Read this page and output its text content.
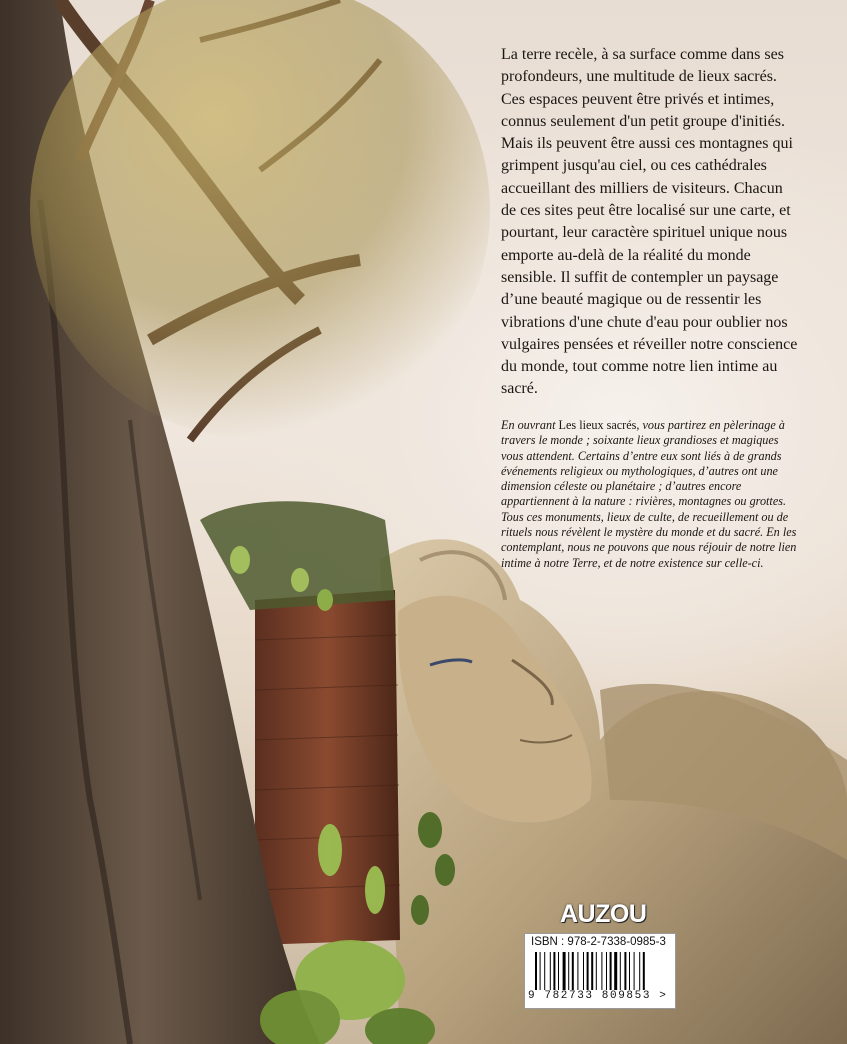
La terre recèle, à sa surface comme dans ses profondeurs, une multitude de lieux sacrés. Ces espaces peuvent être privés et intimes, connus seulement d'un petit groupe d'initiés. Mais ils peuvent être aussi ces montagnes qui grimpent jusqu'au ciel, ou ces cathédrales accueillant des milliers de visiteurs. Chacun de ces sites peut être localisé sur une carte, et pourtant, leur caractère spirituel unique nous emporte au-delà de la réalité du monde sensible. Il suffit de contempler un paysage d’une beauté magique ou de ressentir les vibrations d'une chute d'eau pour oublier nos vulgaires pensées et réveiller notre conscience du monde, tout comme notre lien intime au sacré.

En ouvrant Les lieux sacrés, vous partirez en pèlerinage à travers le monde ; soixante lieux grandioses et magiques vous attendent. Certains d’entre eux sont liés à de grands événements religieux ou mythologiques, d’autres ont une dimension céleste ou planétaire ; d’autres encore appartiennent à la nature : rivières, montagnes ou grottes. Tous ces monuments, lieux de culte, de recueillement ou de rituels nous révèlent le mystère du monde et du sacré. En les contemplant, nous ne pouvons que nous réjouir de notre lien intime à notre Terre, et de notre existence sur celle-ci.

AUZOU
ISBN : 978-2-7338-0985-3
9 782733 809853 >
